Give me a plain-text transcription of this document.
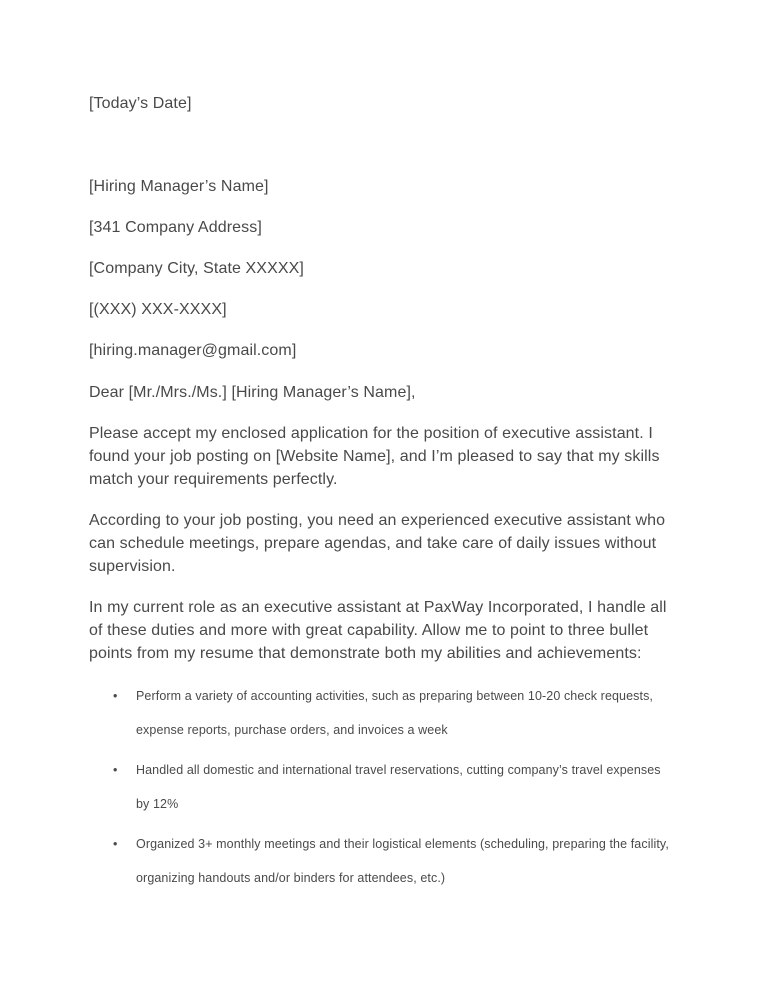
[Today’s Date]

[Hiring Manager’s Name]

[341 Company Address]

[Company City, State XXXXX]

[(XXX) XXX-XXXX]

[hiring.manager@gmail.com]

Dear [Mr./Mrs./Ms.] [Hiring Manager’s Name],

Please accept my enclosed application for the position of executive assistant. I found your job posting on [Website Name], and I’m pleased to say that my skills match your requirements perfectly.

According to your job posting, you need an experienced executive assistant who can schedule meetings, prepare agendas, and take care of daily issues without supervision.

In my current role as an executive assistant at PaxWay Incorporated, I handle all of these duties and more with great capability. Allow me to point to three bullet points from my resume that demonstrate both my abilities and achievements:

• Perform a variety of accounting activities, such as preparing between 10-20 check requests, expense reports, purchase orders, and invoices a week
• Handled all domestic and international travel reservations, cutting company’s travel expenses by 12%
• Organized 3+ monthly meetings and their logistical elements (scheduling, preparing the facility, organizing handouts and/or binders for attendees, etc.)
